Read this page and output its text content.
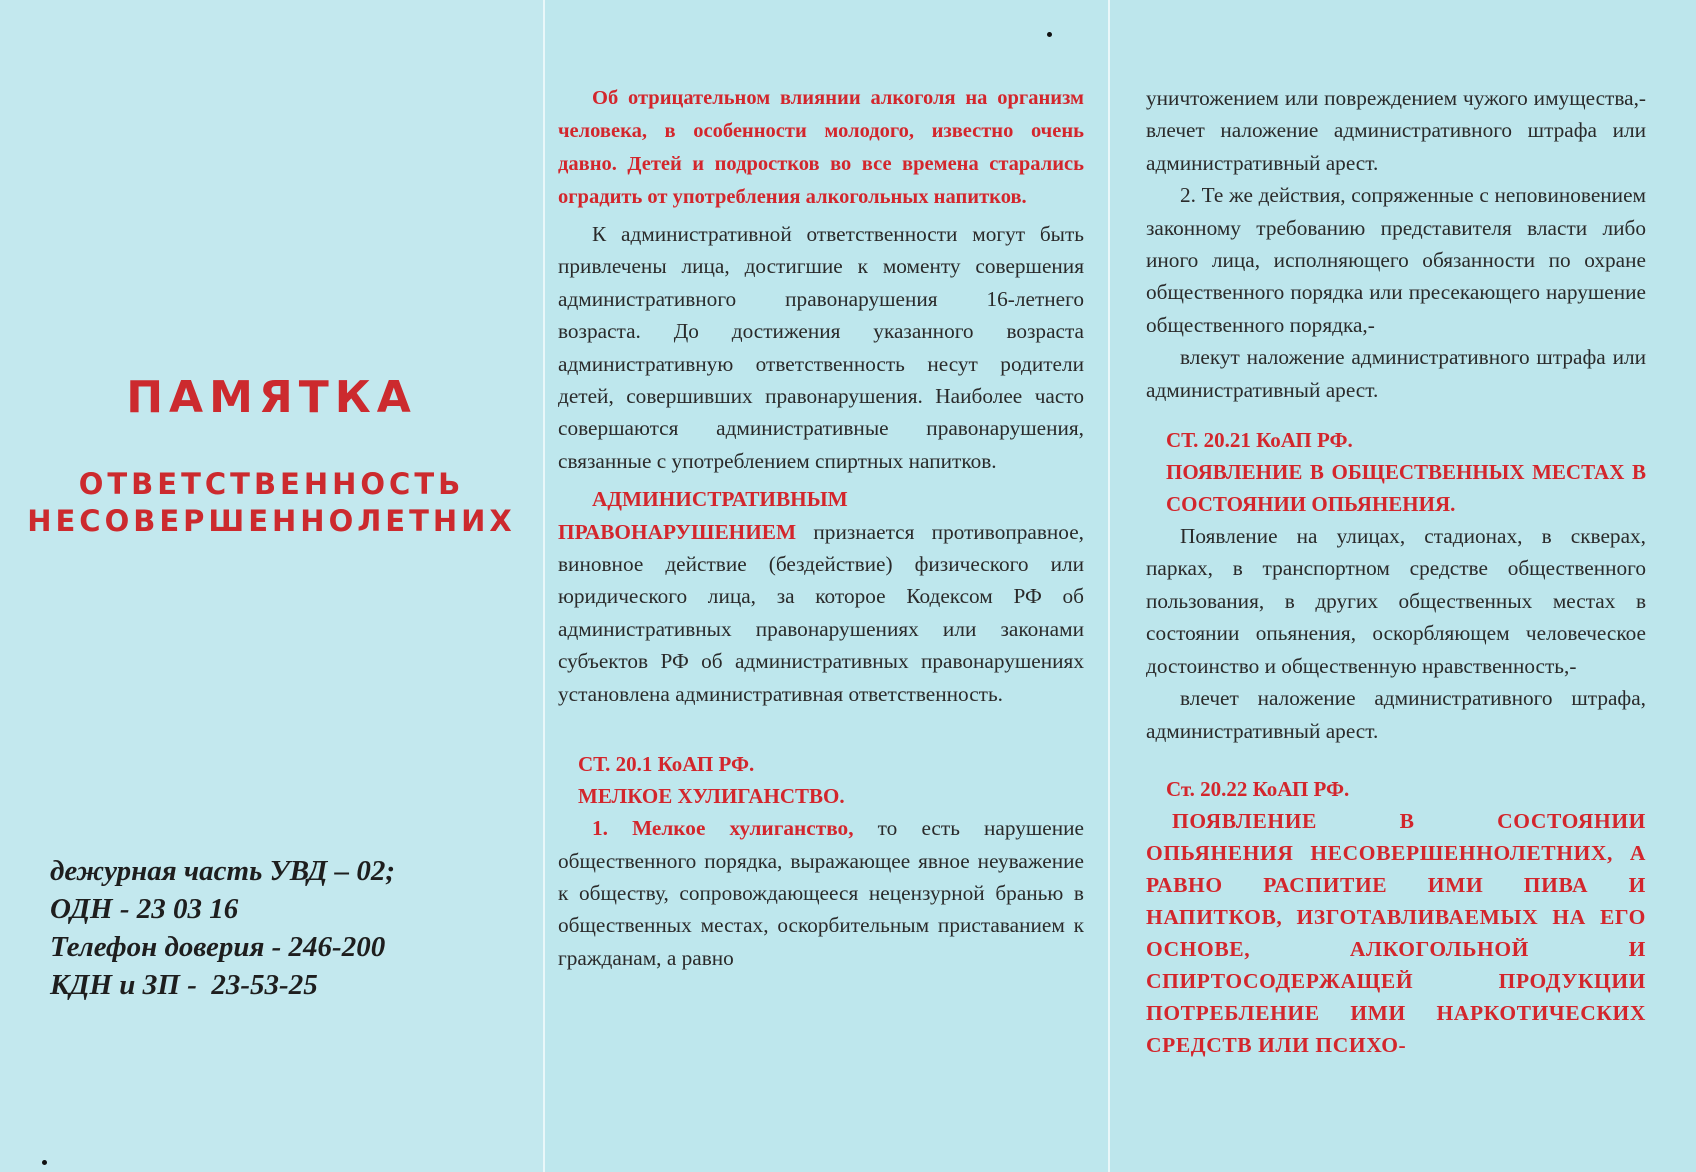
ПАМЯТКА
ОТВЕТСТВЕННОСТЬ
НЕСОВЕРШЕННОЛЕТНИХ
дежурная часть УВД – 02;
ОДН - 23 03 16
Телефон доверия - 246-200
КДН и ЗП -  23-53-25

Об отрицательном влиянии алкоголя на организм человека, в особенности молодого, известно очень давно. Детей и подростков во все времена старались оградить от употребления алкогольных напитков.

К административной ответственности могут быть привлечены лица, достигшие к моменту совершения административного правонарушения 16-летнего возраста. До достижения указанного возраста административную ответственность несут родители детей, совершивших правонарушения. Наиболее часто совершаются административные правонарушения, связанные с употреблением спиртных напитков.

АДМИНИСТРАТИВНЫМ ПРАВОНАРУШЕНИЕМ признается противоправное, виновное действие (бездействие) физического или юридического лица, за которое Кодексом РФ об административных правонарушениях или законами субъектов РФ об административных правонарушениях установлена административная ответственность.

СТ. 20.1 КоАП РФ.

МЕЛКОЕ ХУЛИГАНСТВО.

1. Мелкое хулиганство, то есть нарушение общественного порядка, выражающее явное неуважение к обществу, сопровождающееся нецензурной бранью в общественных местах, оскорбительным приставанием к гражданам, а равно

уничтожением или повреждением чужого имущества,- влечет наложение административного штрафа или административный арест.

2. Те же действия, сопряженные с неповиновением законному требованию представителя власти либо иного лица, исполняющего обязанности по охране общественного порядка или пресекающего нарушение общественного порядка,-

влекут наложение административного штрафа или административный арест.

СТ. 20.21 КоАП РФ.

ПОЯВЛЕНИЕ В ОБЩЕСТВЕННЫХ МЕСТАХ В СОСТОЯНИИ ОПЬЯНЕНИЯ.

Появление на улицах, стадионах, в скверах, парках, в транспортном средстве общественного пользования, в других общественных местах в состоянии опьянения, оскорбляющем человеческое достоинство и общественную нравственность,-

влечет наложение административного штрафа, административный арест.

Ст. 20.22 КоАП РФ.

ПОЯВЛЕНИЕ В СОСТОЯНИИ ОПЬЯНЕНИЯ НЕСОВЕРШЕННОЛЕТНИХ, А РАВНО РАСПИТИЕ ИМИ ПИВА И НАПИТКОВ, ИЗГОТАВЛИВАЕМЫХ НА ЕГО ОСНОВЕ, АЛКОГОЛЬНОЙ И СПИРТОСОДЕРЖАЩЕЙ ПРОДУКЦИИ ПОТРЕБЛЕНИЕ ИМИ НАРКОТИЧЕСКИХ СРЕДСТВ ИЛИ ПСИХО-
